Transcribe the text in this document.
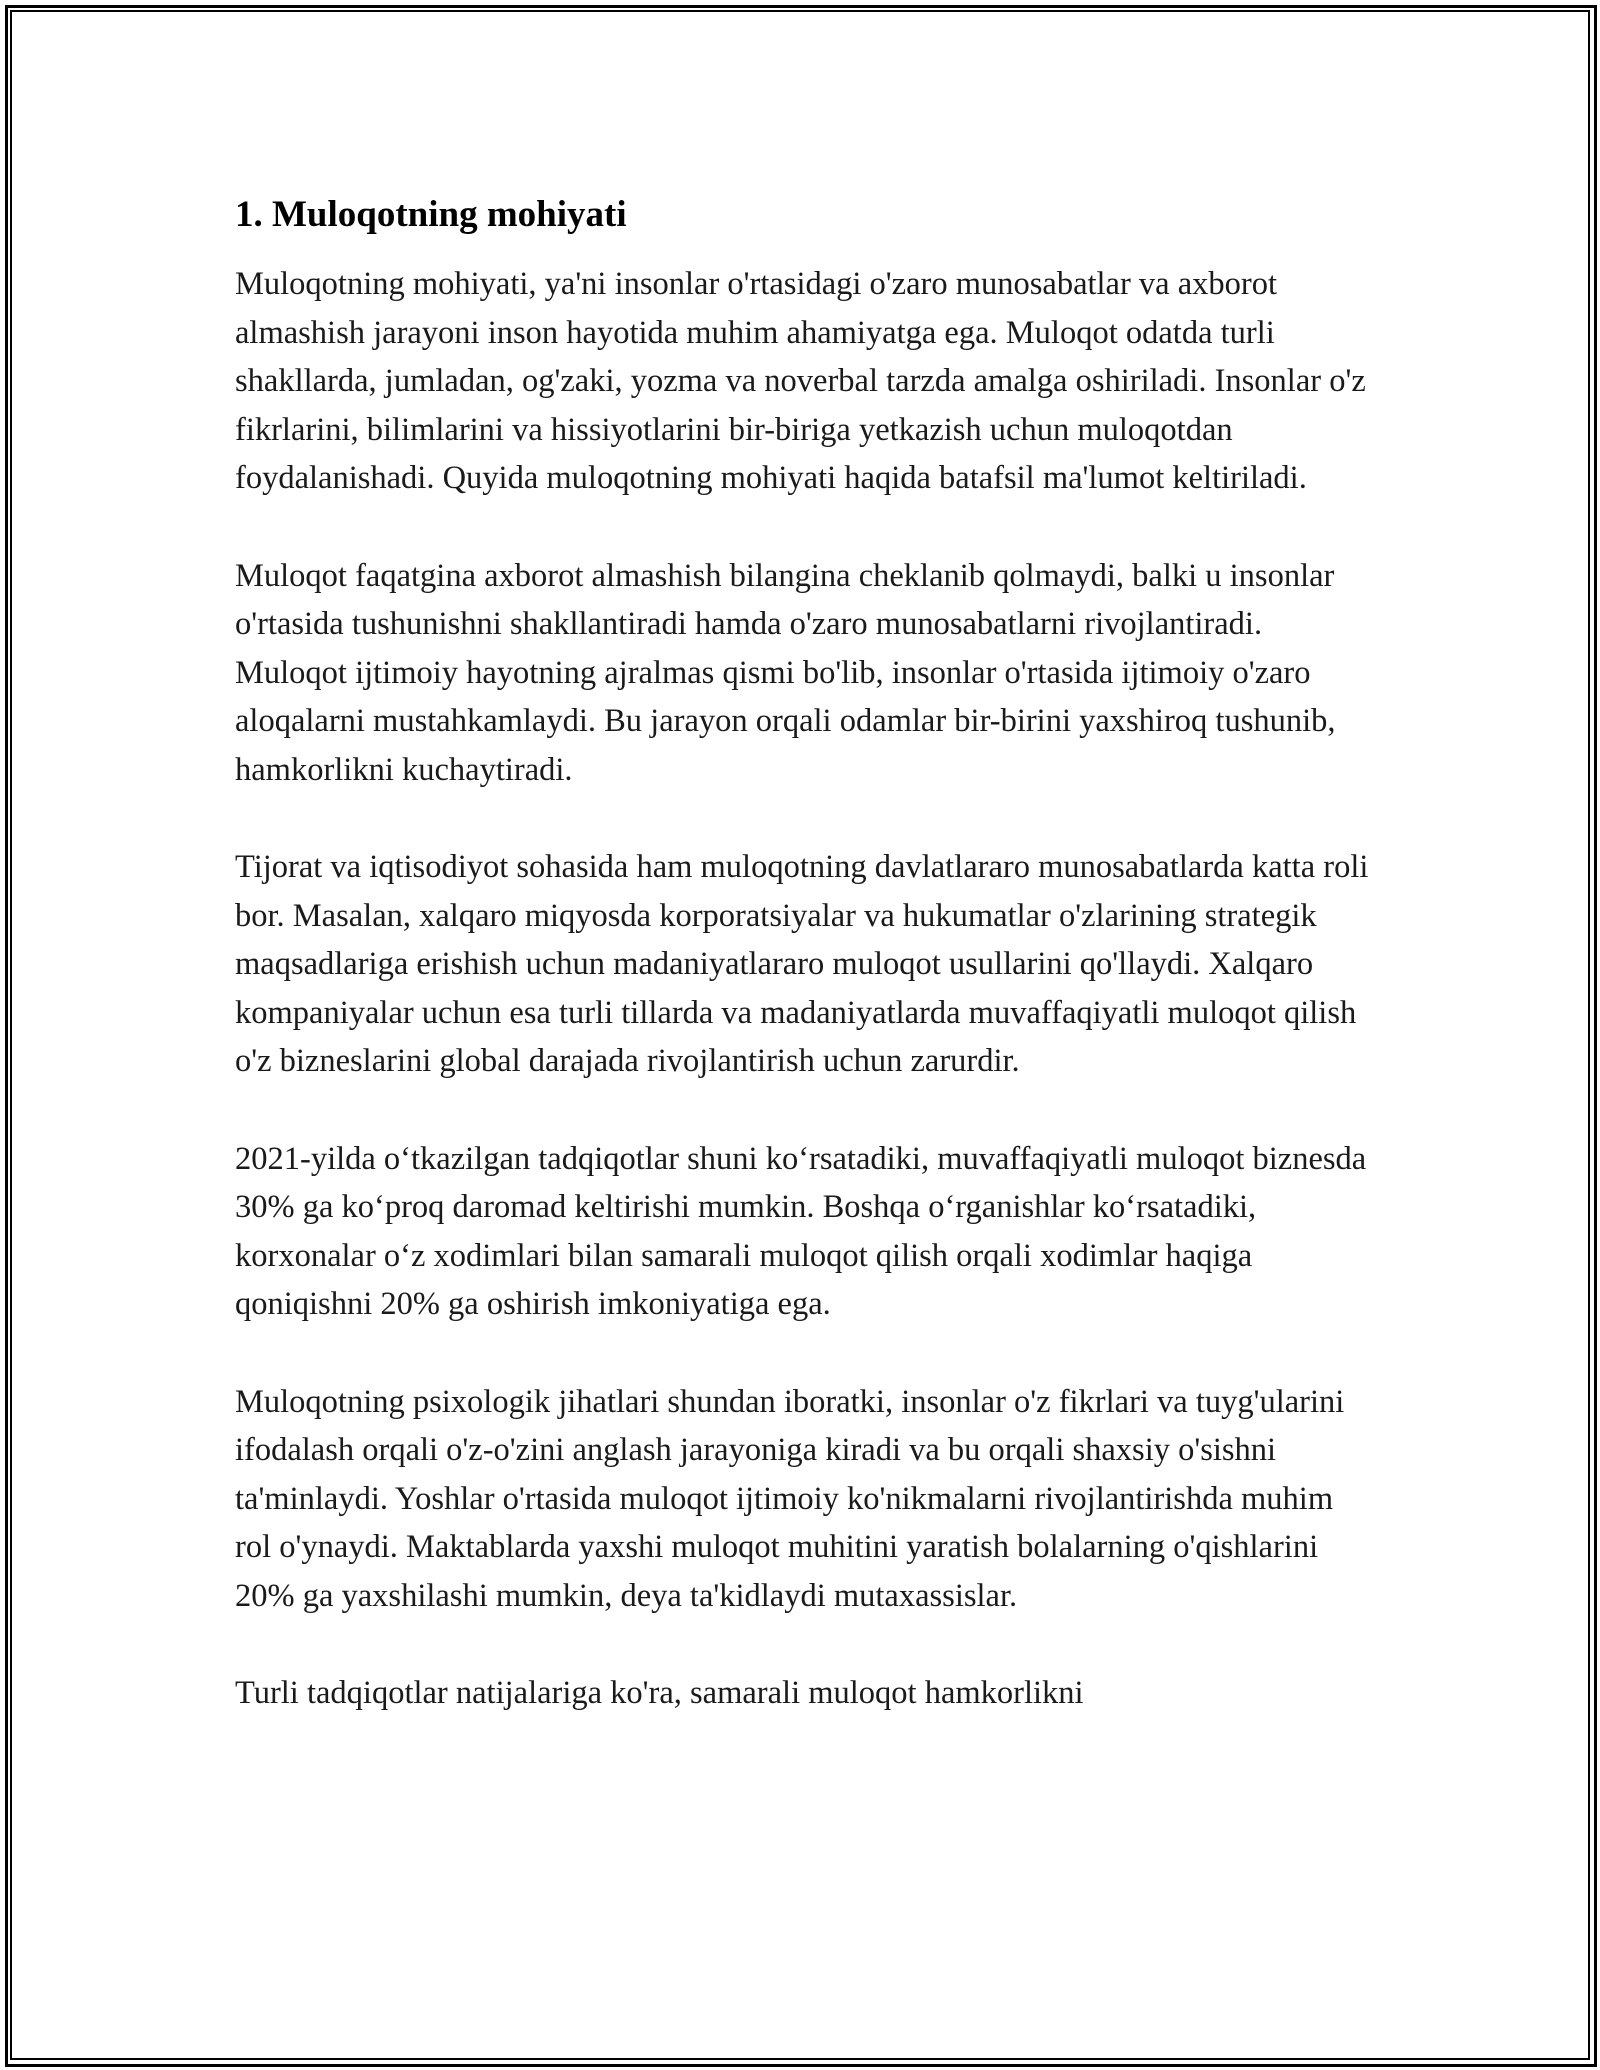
1. Muloqotning mohiyati

Muloqotning mohiyati, ya'ni insonlar o'rtasidagi o'zaro munosabatlar va axborot almashish jarayoni inson hayotida muhim ahamiyatga ega. Muloqot odatda turli shakllarda, jumladan, og'zaki, yozma va noverbal tarzda amalga oshiriladi. Insonlar o'z fikrlarini, bilimlarini va hissiyotlarini bir-biriga yetkazish uchun muloqotdan foydalanishadi. Quyida muloqotning mohiyati haqida batafsil ma'lumot keltiriladi.

Muloqot faqatgina axborot almashish bilangina cheklanib qolmaydi, balki u insonlar o'rtasida tushunishni shakllantiradi hamda o'zaro munosabatlarni rivojlantiradi. Muloqot ijtimoiy hayotning ajralmas qismi bo'lib, insonlar o'rtasida ijtimoiy o'zaro aloqalarni mustahkamlaydi. Bu jarayon orqali odamlar bir-birini yaxshiroq tushunib, hamkorlikni kuchaytiradi.

Tijorat va iqtisodiyot sohasida ham muloqotning davlatlararo munosabatlarda katta roli bor. Masalan, xalqaro miqyosda korporatsiyalar va hukumatlar o'zlarining strategik maqsadlariga erishish uchun madaniyatlararo muloqot usullarini qo'llaydi. Xalqaro kompaniyalar uchun esa turli tillarda va madaniyatlarda muvaffaqiyatli muloqot qilish o'z bizneslarini global darajada rivojlantirish uchun zarurdir.

2021-yilda oʻtkazilgan tadqiqotlar shuni koʻrsatadiki, muvaffaqiyatli muloqot biznesda 30% ga koʻproq daromad keltirishi mumkin. Boshqa oʻrganishlar koʻrsatadiki, korxonalar oʻz xodimlari bilan samarali muloqot qilish orqali xodimlar haqiga qoniqishni 20% ga oshirish imkoniyatiga ega.

Muloqotning psixologik jihatlari shundan iboratki, insonlar o'z fikrlari va tuyg'ularini ifodalash orqali o'z-o'zini anglash jarayoniga kiradi va bu orqali shaxsiy o'sishni ta'minlaydi. Yoshlar o'rtasida muloqot ijtimoiy ko'nikmalarni rivojlantirishda muhim rol o'ynaydi. Maktablarda yaxshi muloqot muhitini yaratish bolalarning o'qishlarini 20% ga yaxshilashi mumkin, deya ta'kidlaydi mutaxassislar.

Turli tadqiqotlar natijalariga ko'ra, samarali muloqot hamkorlikni
